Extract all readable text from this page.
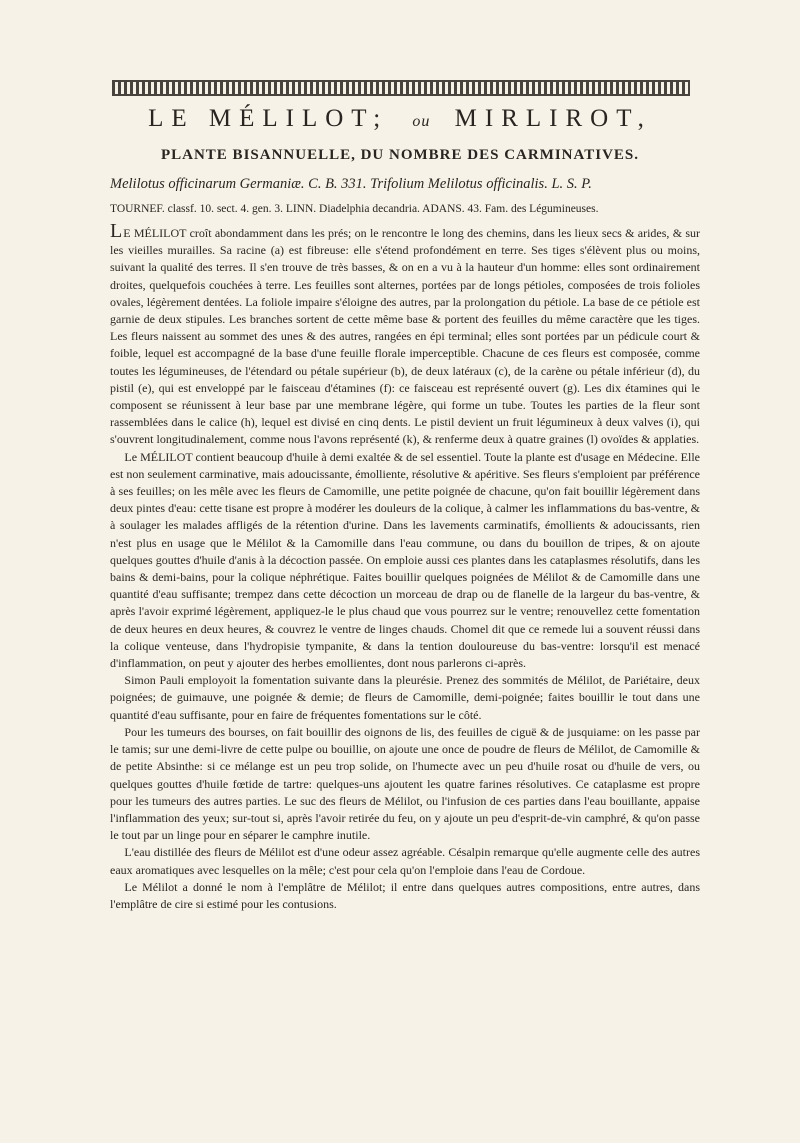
LE MÉLILOT; ou MIRLIROT,
PLANTE BISANNUELLE, DU NOMBRE DES CARMINATIVES.
Melilotus officinarum Germaniæ. C. B. 331. Trifolium Melilotus officinalis. L. S. P.
TOURNEF. classf. 10. sect. 4. gen. 3. LINN. Diadelphia decandria. ADANS. 43. Fam. des Légumineuses.

LE MÉLILOT croît abondamment dans les prés; on le rencontre le long des chemins, dans les lieux secs & arides, & sur les vieilles murailles. Sa racine (a) est fibreuse: elle s'étend profondément en terre. Ses tiges s'élèvent plus ou moins, suivant la qualité des terres. Il s'en trouve de très basses, & on en a vu à la hauteur d'un homme: elles sont ordinairement droites, quelquefois couchées à terre. Les feuilles sont alternes, portées par de longs pétioles, composées de trois folioles ovales, légèrement dentées. La foliole impaire s'éloigne des autres, par la prolongation du pétiole. La base de ce pétiole est garnie de deux stipules. Les branches sortent de cette même base & portent des feuilles du même caractère que les tiges. Les fleurs naissent au sommet des unes & des autres, rangées en épi terminal; elles sont portées par un pédicule court & foible, lequel est accompagné de la base d'une feuille florale imperceptible. Chacune de ces fleurs est composée, comme toutes les légumineuses, de l'étendard ou pétale supérieur (b), de deux latéraux (c), de la carène ou pétale inférieur (d), du pistil (e), qui est enveloppé par le faisceau d'étamines (f): ce faisceau est représenté ouvert (g). Les dix étamines qui le composent se réunissent à leur base par une membrane légère, qui forme un tube. Toutes les parties de la fleur sont rassemblées dans le calice (h), lequel est divisé en cinq dents. Le pistil devient un fruit légumineux à deux valves (i), qui s'ouvrent longitudinalement, comme nous l'avons représenté (k), & renferme deux à quatre graines (l) ovoïdes & applaties.

Le MÉLILOT contient beaucoup d'huile à demi exaltée & de sel essentiel. Toute la plante est d'usage en Médecine. Elle est non seulement carminative, mais adoucissante, émolliente, résolutive & apéritive. Ses fleurs s'emploient par préférence à ses feuilles; on les mêle avec les fleurs de Camomille, une petite poignée de chacune, qu'on fait bouillir légèrement dans deux pintes d'eau: cette tisane est propre à modérer les douleurs de la colique, à calmer les inflammations du bas-ventre, & à soulager les malades affligés de la rétention d'urine. Dans les lavements carminatifs, émollients & adoucissants, rien n'est plus en usage que le Mélilot & la Camomille dans l'eau commune, ou dans du bouillon de tripes, & on ajoute quelques gouttes d'huile d'anis à la décoction passée. On emploie aussi ces plantes dans les cataplasmes résolutifs, dans les bains & demi-bains, pour la colique néphrétique. Faites bouillir quelques poignées de Mélilot & de Camomille dans une quantité d'eau suffisante; trempez dans cette décoction un morceau de drap ou de flanelle de la largeur du bas-ventre, & après l'avoir exprimé légèrement, appliquez-le le plus chaud que vous pourrez sur le ventre; renouvellez cette fomentation de deux heures en deux heures, & couvrez le ventre de linges chauds. Chomel dit que ce remede lui a souvent réussi dans la colique venteuse, dans l'hydropisie tympanite, & dans la tention douloureuse du bas-ventre: lorsqu'il est menacé d'inflammation, on peut y ajouter des herbes emollientes, dont nous parlerons ci-après.

Simon Pauli employoit la fomentation suivante dans la pleurésie. Prenez des sommités de Mélilot, de Pariétaire, deux poignées; de guimauve, une poignée & demie; de fleurs de Camomille, demi-poignée; faites bouillir le tout dans une quantité d'eau suffisante, pour en faire de fréquentes fomentations sur le côté.

Pour les tumeurs des bourses, on fait bouillir des oignons de lis, des feuilles de ciguë & de jusquiame: on les passe par le tamis; sur une demi-livre de cette pulpe ou bouillie, on ajoute une once de poudre de fleurs de Mélilot, de Camomille & de petite Absinthe: si ce mélange est un peu trop solide, on l'humecte avec un peu d'huile rosat ou d'huile de vers, ou quelques gouttes d'huile fœtide de tartre: quelques-uns ajoutent les quatre farines résolutives. Ce cataplasme est propre pour les tumeurs des autres parties. Le suc des fleurs de Mélilot, ou l'infusion de ces parties dans l'eau bouillante, appaise l'inflammation des yeux; sur-tout si, après l'avoir retirée du feu, on y ajoute un peu d'esprit-de-vin camphré, & qu'on passe le tout par un linge pour en séparer le camphre inutile.

L'eau distillée des fleurs de Mélilot est d'une odeur assez agréable. Césalpin remarque qu'elle augmente celle des autres eaux aromatiques avec lesquelles on la mêle; c'est pour cela qu'on l'emploie dans l'eau de Cordoue.

Le Mélilot a donné le nom à l'emplâtre de Mélilot; il entre dans quelques autres compositions, entre autres, dans l'emplâtre de cire si estimé pour les contusions.
